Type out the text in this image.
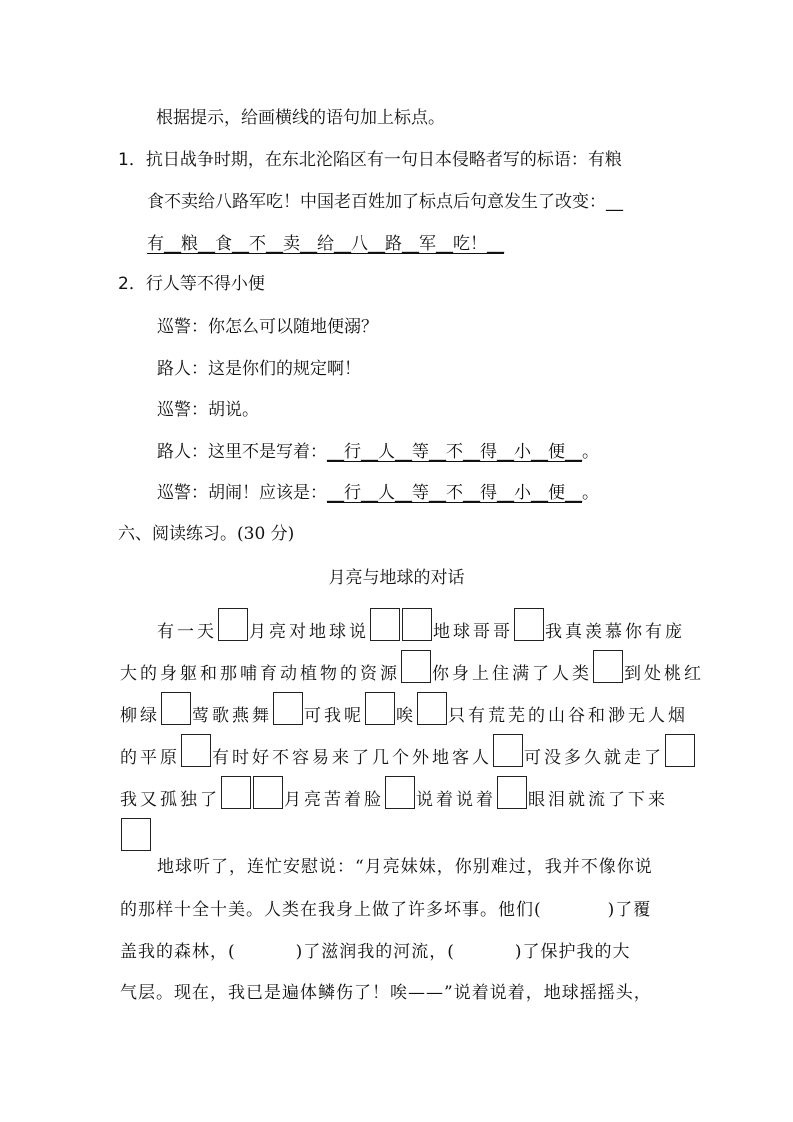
根据提示，给画横线的语句加上标点。
1．抗日战争时期，在东北沦陷区有一句日本侵略者写的标语：有粮
食不卖给八路军吃！中国老百姓加了标点后句意发生了改变：__
有__粮__食__不__卖__给__八__路__军__吃！__
2．行人等不得小便
巡警：你怎么可以随地便溺？
路人：这是你们的规定啊！
巡警：胡说。
路人：这里不是写着：__行__人__等__不__得__小__便__。
巡警：胡闹！应该是：__行__人__等__不__得__小__便__。
六、阅读练习。(30 分)
月亮与地球的对话
有一天 月亮对地球说	地球哥哥 我真羡慕你有庞
大的身躯和那哺育动植物的资源 你身上住满了人类 到处桃红
柳绿 莺歌燕舞 可我呢 唉 只有荒芜的山谷和渺无人烟
的平原 有时好不容易来了几个外地客人 可没多久就走了
我又孤独了	月亮苦着脸 说着说着 眼泪就流了下来
地球听了，连忙安慰说：“月亮妹妹，你别难过，我并不像你说
的那样十全十美。人类在我身上做了许多坏事。他们(	)了覆
盖我的森林，(	)了滋润我的河流，(	)了保护我的大
气层。现在，我已是遍体鳞伤了！唉——”说着说着，地球摇摇头，
